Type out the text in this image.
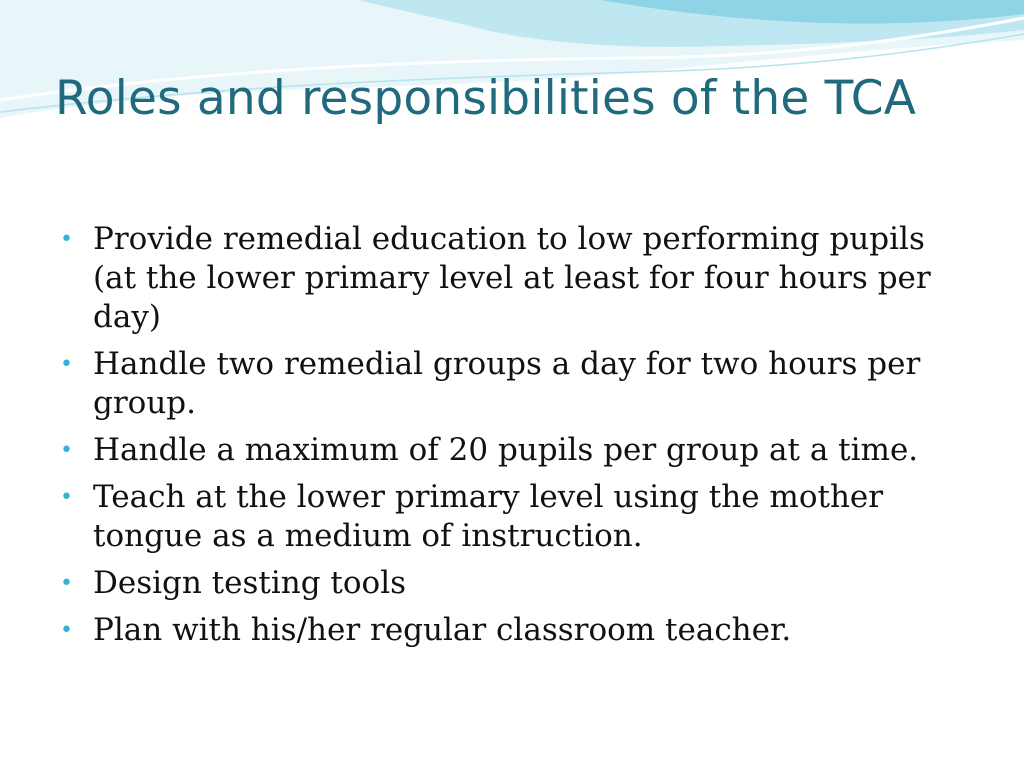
Roles and responsibilities of the TCA
• Provide remedial education to low performing pupils (at the lower primary level at least for four hours per day)
• Handle two remedial groups a day for two hours per group.
• Handle a maximum of 20 pupils per group at a time.
• Teach at the lower primary level using the mother tongue as a medium of instruction.
• Design testing tools
• Plan with his/her regular classroom teacher.
